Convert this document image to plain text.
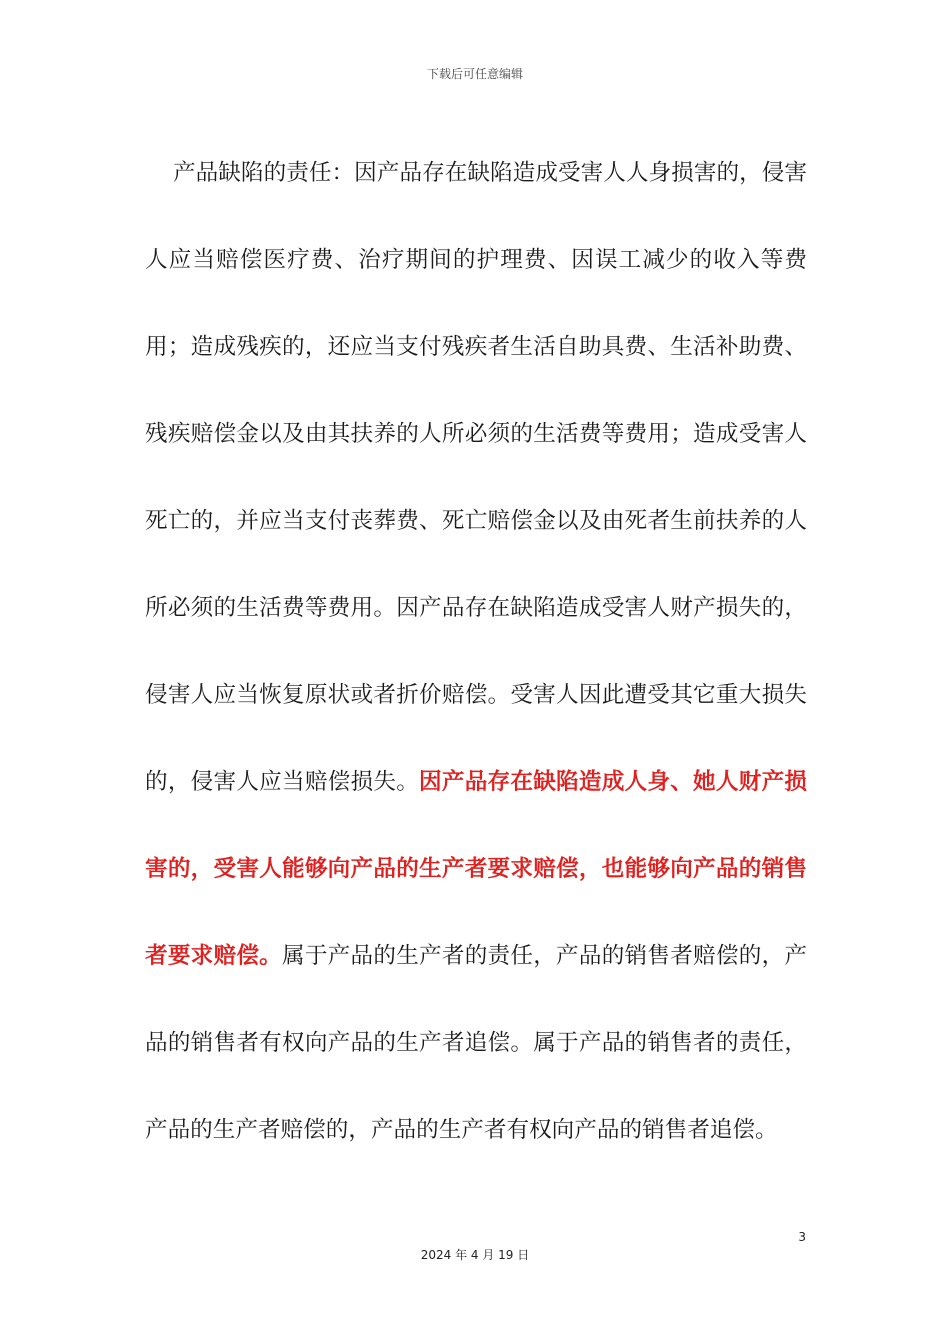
下载后可任意编辑

产品缺陷的责任：因产品存在缺陷造成受害人人身损害的，侵害人应当赔偿医疗费、治疗期间的护理费、因误工减少的收入等费用；造成残疾的，还应当支付残疾者生活自助具费、生活补助费、残疾赔偿金以及由其扶养的人所必须的生活费等费用；造成受害人死亡的，并应当支付丧葬费、死亡赔偿金以及由死者生前扶养的人所必须的生活费等费用。因产品存在缺陷造成受害人财产损失的，侵害人应当恢复原状或者折价赔偿。受害人因此遭受其它重大损失的，侵害人应当赔偿损失。因产品存在缺陷造成人身、她人财产损害的，受害人能够向产品的生产者要求赔偿，也能够向产品的销售者要求赔偿。属于产品的生产者的责任，产品的销售者赔偿的，产品的销售者有权向产品的生产者追偿。属于产品的销售者的责任，产品的生产者赔偿的，产品的生产者有权向产品的销售者追偿。

3
2024 年 4 月 19 日
